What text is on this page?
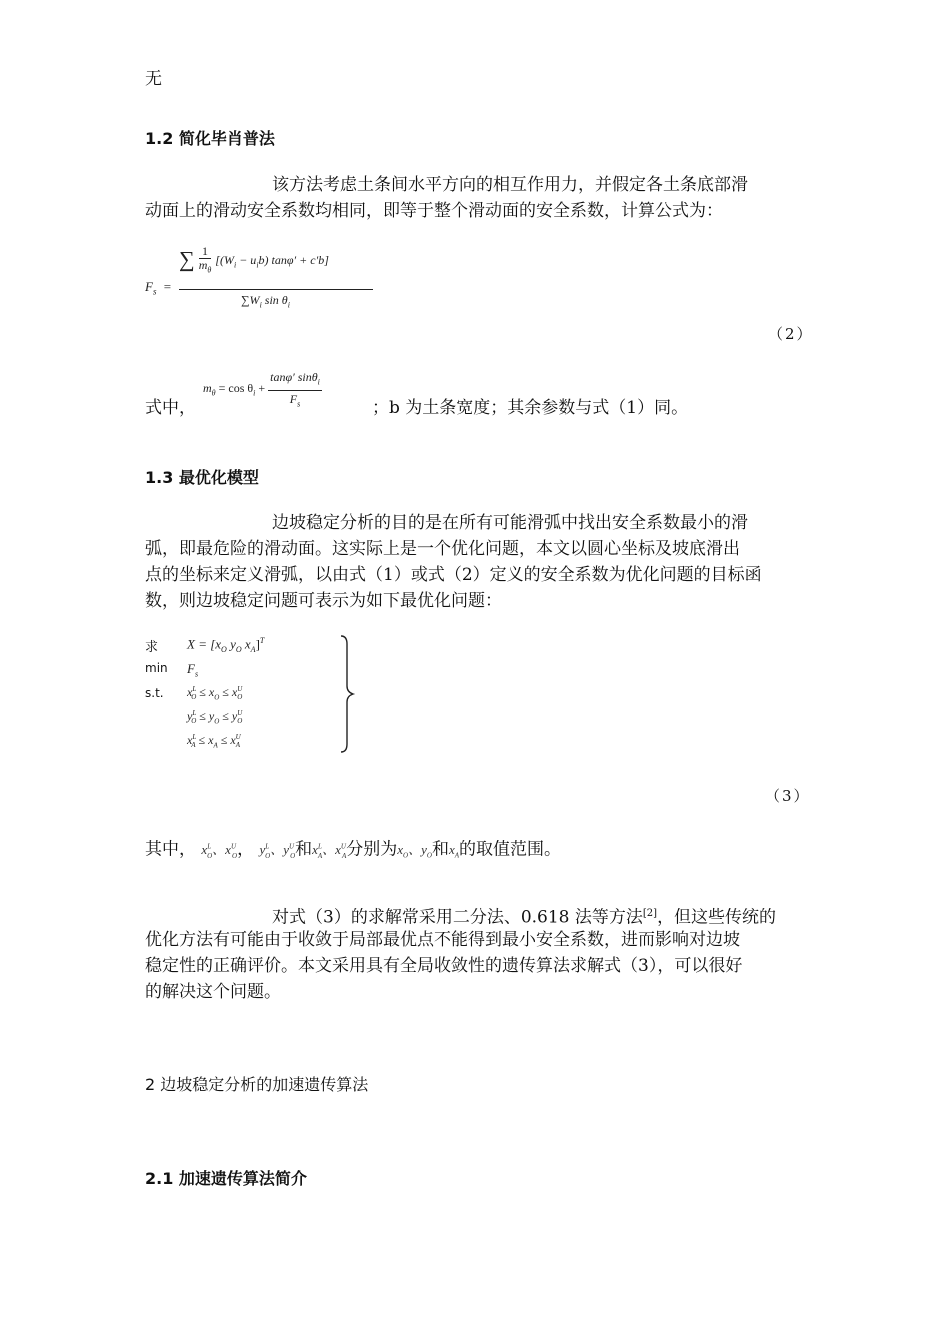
无
1.2 简化毕肖普法
该方法考虑土条间水平方向的相互作用力，并假定各土条底部滑
动面上的滑动安全系数均相同，即等于整个滑动面的安全系数，计算公式为：
$F_s$ =
∑ $\frac{1}{m_\theta} [(W_i - u_ib) \tan\varphi' + c'b]$
$\sum W_i$ $\sin \theta_i$
（2）
$m_\theta = \cos \theta_i + \frac{\tan\varphi' \sin\theta_i}{F_s}$
式中，	；b 为土条宽度；其余参数与式（1）同。
1.3 最优化模型
边坡稳定分析的目的是在所有可能滑弧中找出安全系数最小的滑
弧，即最危险的滑动面。这实际上是一个优化问题，本文以圆心坐标及坡底滑出
点的坐标来定义滑弧，以由式（1）或式（2）定义的安全系数为优化问题的目标函
数，则边坡稳定问题可表示为如下最优化问题：
求 $X = [x_O$ $y_O$ $x_A]^T$
$\min F_s$
s.t. $x^L_O \le x_O \le x^U_O$
$y^L_O \le y_O \le y^U_O$
$x^L_A \le x_A \le x^U_A$
（3）
其中， $x^L_O$、$x^U_O$， $y^L_O$、$y^U_O$和$x^L_A$、$x^U_A$分别为$x_O$、$y_O$和$x_A$的取值范围。
对式（3）的求解常采用二分法、0.618 法等方法[2]，但这些传统的
优化方法有可能由于收敛于局部最优点不能得到最小安全系数，进而影响对边坡
稳定性的正确评价。本文采用具有全局收敛性的遗传算法求解式（3），可以很好
的解决这个问题。
2 边坡稳定分析的加速遗传算法
2.1 加速遗传算法简介
